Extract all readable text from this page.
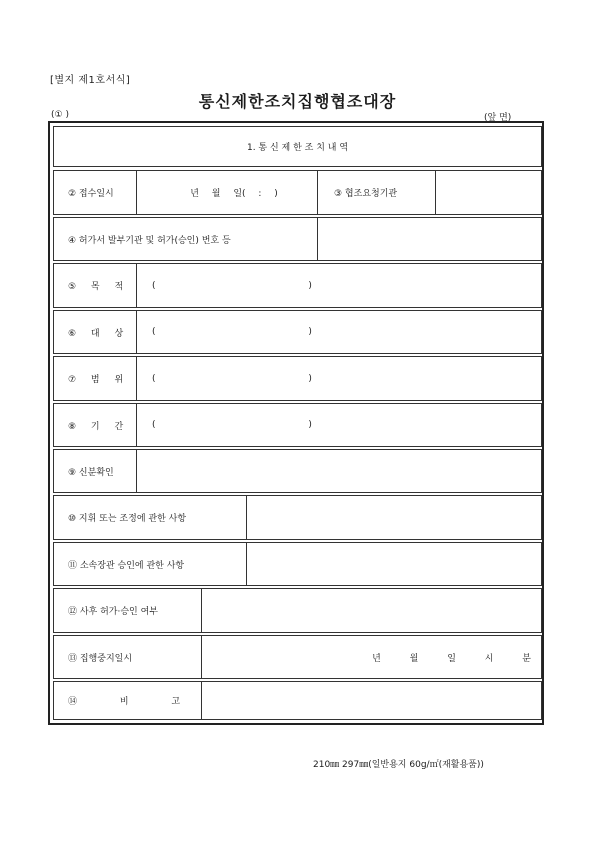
[별지 제1호서식]
통신제한조치집행협조대장
(① )	(앞 면)
1. 통 신 제 한 조 치 내 역
② 접수일시	년 월 일( : )	③ 협조요청기관
④ 허가서 발부기관 및 허가(승인) 번호 등
⑤ 목 적	( )
⑥ 대 상	( )
⑦ 범 위	( )
⑧ 기 간	( )
⑨ 신분확인
⑩ 지휘 또는 조정에 관한 사항
⑪ 소속장관 승인에 관한 사항
⑫ 사후 허가·승인 여부
⑬ 집행중지일시	년 월 일 시 분
⑭ 비 고
210㎜ 297㎜(일반용지 60g/㎡(재활용품))
